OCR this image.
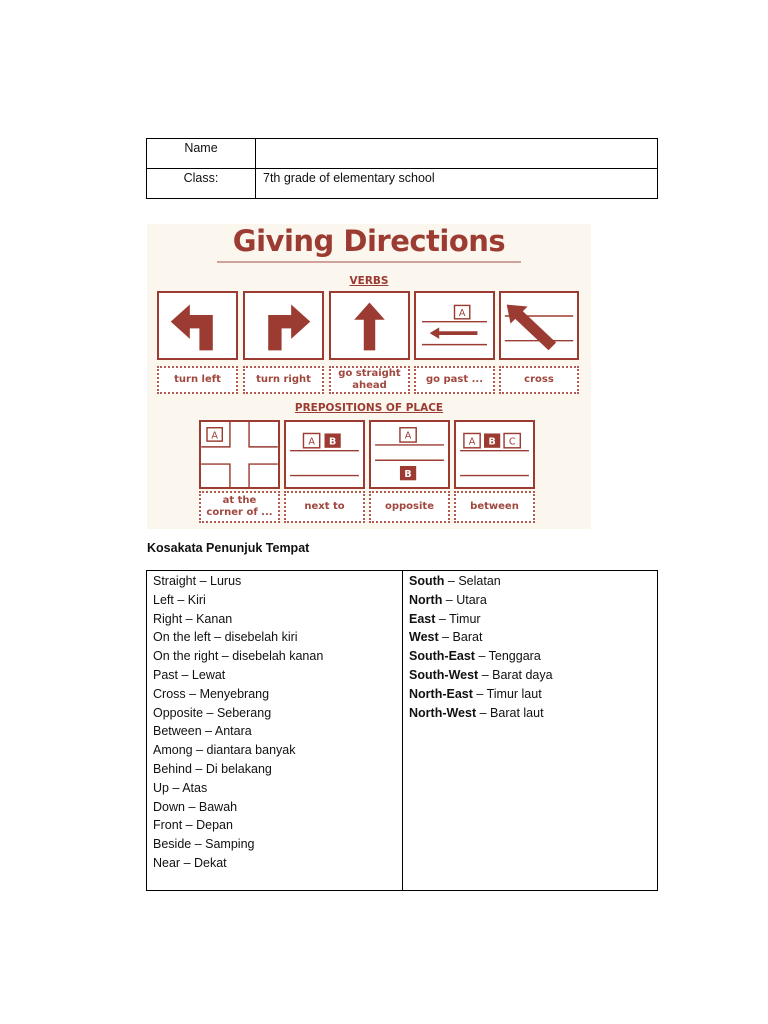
Name	
Class:	7th grade of elementary school
Giving Directions
VERBS
A
turn left	turn right
go straight ahead
go past ...	cross
PREPOSITIONS OF PLACE
A
A B
A
B
A B C
at the corner of ...
next to	opposite	between
Kosakata Penunjuk Tempat
Straight – Lurus
Left – Kiri
Right – Kanan
On the left – disebelah kiri
On the right – disebelah kanan
Past – Lewat
Cross – Menyebrang
Opposite – Seberang
Between – Antara
Among – diantara banyak
Behind – Di belakang
Up – Atas
Down – Bawah
Front – Depan
Beside – Samping
Near – Dekat

South – Selatan
North – Utara
East – Timur
West – Barat
South-East – Tenggara
South-West – Barat daya
North-East – Timur laut
North-West – Barat laut
